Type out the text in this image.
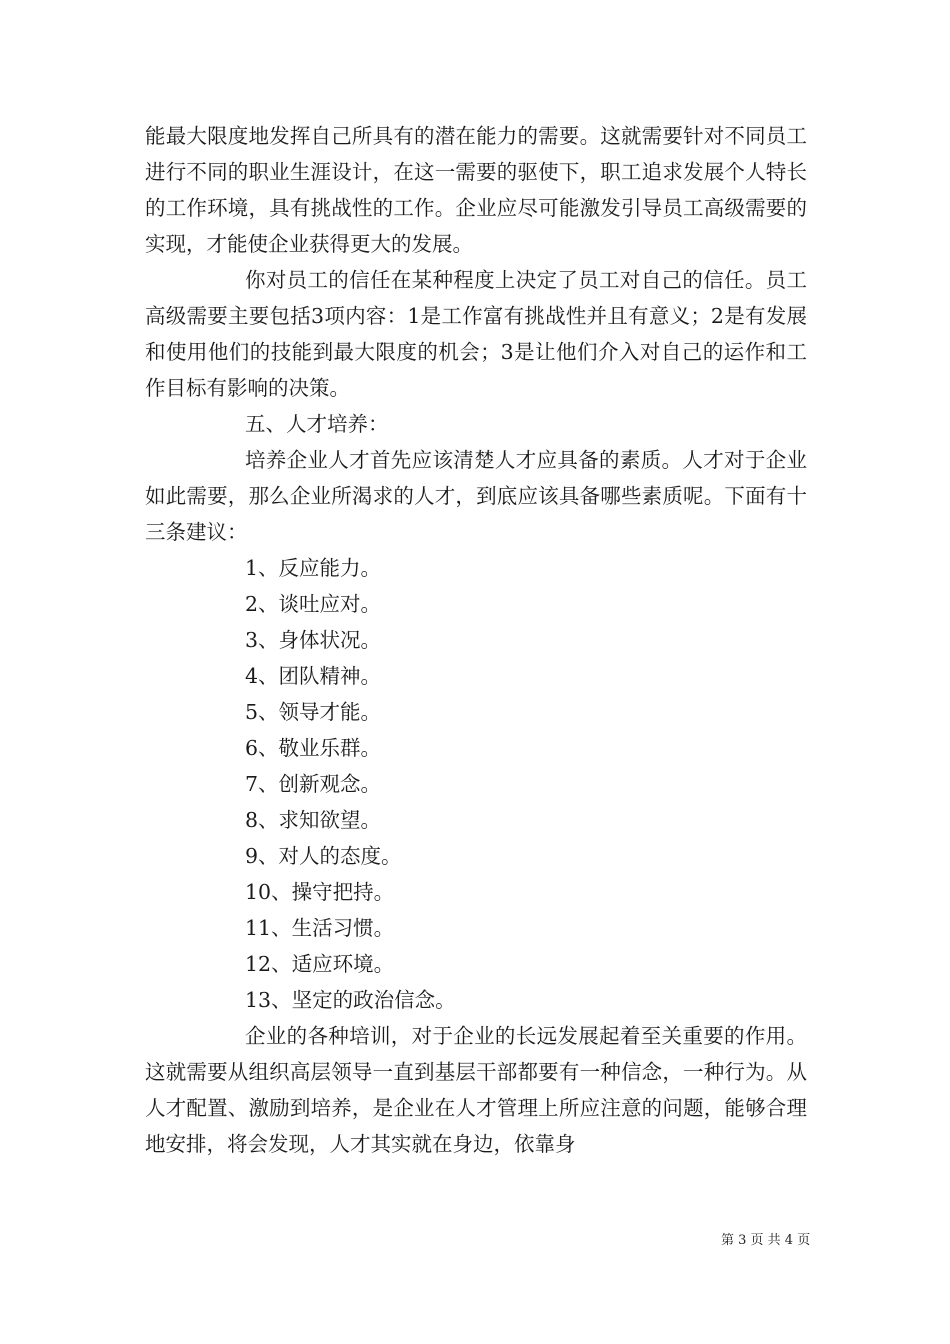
能最大限度地发挥自己所具有的潜在能力的需要。这就需要针对不同员工进行不同的职业生涯设计，在这一需要的驱使下，职工追求发展个人特长的工作环境，具有挑战性的工作。企业应尽可能激发引导员工高级需要的实现，才能使企业获得更大的发展。

你对员工的信任在某种程度上决定了员工对自己的信任。员工高级需要主要包括3项内容：1是工作富有挑战性并且有意义；2是有发展和使用他们的技能到最大限度的机会；3是让他们介入对自己的运作和工作目标有影响的决策。

五、人才培养：

培养企业人才首先应该清楚人才应具备的素质。人才对于企业如此需要，那么企业所渴求的人才，到底应该具备哪些素质呢。下面有十三条建议：

1、反应能力。
2、谈吐应对。
3、身体状况。
4、团队精神。
5、领导才能。
6、敬业乐群。
7、创新观念。
8、求知欲望。
9、对人的态度。
10、操守把持。
11、生活习惯。
12、适应环境。
13、坚定的政治信念。

企业的各种培训，对于企业的长远发展起着至关重要的作用。这就需要从组织高层领导一直到基层干部都要有一种信念，一种行为。从人才配置、激励到培养，是企业在人才管理上所应注意的问题，能够合理地安排，将会发现，人才其实就在身边，依靠身

第 3 页 共 4 页
